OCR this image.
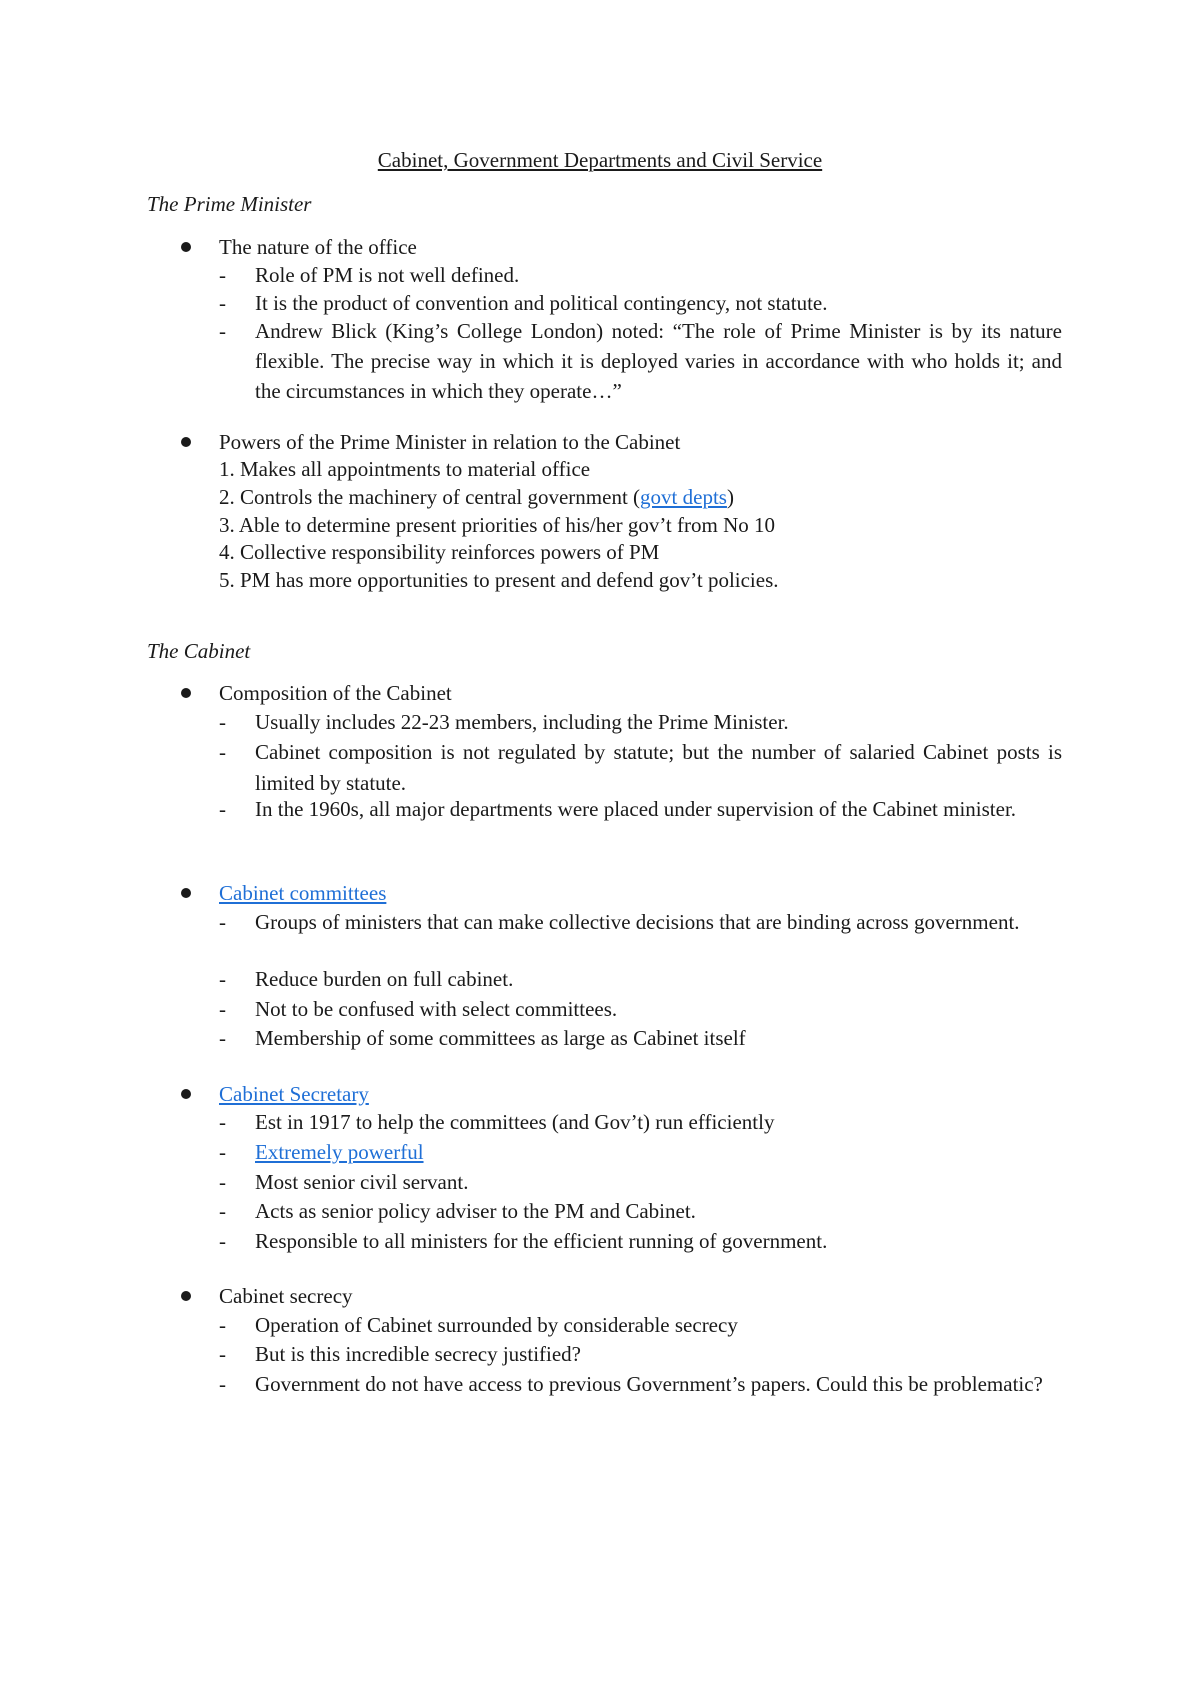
Cabinet, Government Departments and Civil Service
The Prime Minister
The nature of the office
- Role of PM is not well defined.
- It is the product of convention and political contingency, not statute.
- Andrew Blick (King’s College London) noted: “The role of Prime Minister is by its nature flexible. The precise way in which it is deployed varies in accordance with who holds it; and the circumstances in which they operate…”
Powers of the Prime Minister in relation to the Cabinet
1. Makes all appointments to material office
2. Controls the machinery of central government (govt depts)
3. Able to determine present priorities of his/her gov’t from No 10
4. Collective responsibility reinforces powers of PM
5. PM has more opportunities to present and defend gov’t policies.
The Cabinet
Composition of the Cabinet
- Usually includes 22-23 members, including the Prime Minister.
- Cabinet composition is not regulated by statute; but the number of salaried Cabinet posts is limited by statute.
- In the 1960s, all major departments were placed under supervision of the Cabinet minister.
Cabinet committees
- Groups of ministers that can make collective decisions that are binding across government.
- Reduce burden on full cabinet.
- Not to be confused with select committees.
- Membership of some committees as large as Cabinet itself
Cabinet Secretary
- Est in 1917 to help the committees (and Gov’t) run efficiently
- Extremely powerful
- Most senior civil servant.
- Acts as senior policy adviser to the PM and Cabinet.
- Responsible to all ministers for the efficient running of government.
Cabinet secrecy
- Operation of Cabinet surrounded by considerable secrecy
- But is this incredible secrecy justified?
- Government do not have access to previous Government’s papers. Could this be problematic?
